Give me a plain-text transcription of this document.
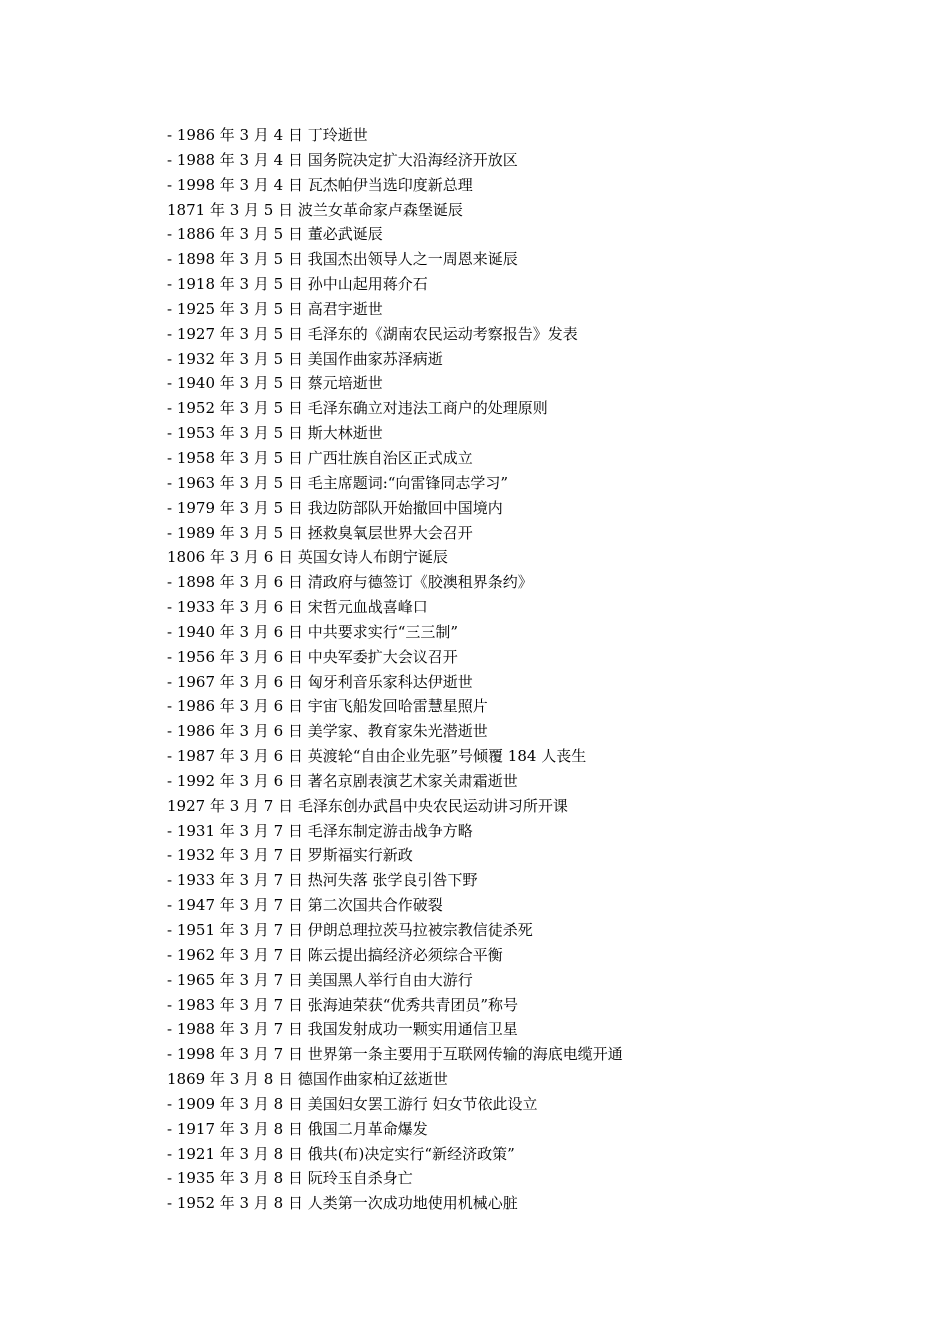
- 1986 年 3 月 4 日 丁玲逝世
- 1988 年 3 月 4 日 国务院决定扩大沿海经济开放区
- 1998 年 3 月 4 日 瓦杰帕伊当选印度新总理
1871 年 3 月 5 日 波兰女革命家卢森堡诞辰
- 1886 年 3 月 5 日 董必武诞辰
- 1898 年 3 月 5 日 我国杰出领导人之一周恩来诞辰
- 1918 年 3 月 5 日 孙中山起用蒋介石
- 1925 年 3 月 5 日 高君宇逝世
- 1927 年 3 月 5 日 毛泽东的《湖南农民运动考察报告》发表
- 1932 年 3 月 5 日 美国作曲家苏泽病逝
- 1940 年 3 月 5 日 蔡元培逝世
- 1952 年 3 月 5 日 毛泽东确立对违法工商户的处理原则
- 1953 年 3 月 5 日 斯大林逝世
- 1958 年 3 月 5 日 广西壮族自治区正式成立
- 1963 年 3 月 5 日 毛主席题词:“向雷锋同志学习”
- 1979 年 3 月 5 日 我边防部队开始撤回中国境内
- 1989 年 3 月 5 日 拯救臭氧层世界大会召开
1806 年 3 月 6 日 英国女诗人布朗宁诞辰
- 1898 年 3 月 6 日 清政府与德签订《胶澳租界条约》
- 1933 年 3 月 6 日 宋哲元血战喜峰口
- 1940 年 3 月 6 日 中共要求实行“三三制”
- 1956 年 3 月 6 日 中央军委扩大会议召开
- 1967 年 3 月 6 日 匈牙利音乐家科达伊逝世
- 1986 年 3 月 6 日 宇宙飞船发回哈雷慧星照片
- 1986 年 3 月 6 日 美学家、教育家朱光潜逝世
- 1987 年 3 月 6 日 英渡轮“自由企业先驱”号倾覆 184 人丧生
- 1992 年 3 月 6 日 著名京剧表演艺术家关肃霜逝世
1927 年 3 月 7 日 毛泽东创办武昌中央农民运动讲习所开课
- 1931 年 3 月 7 日 毛泽东制定游击战争方略
- 1932 年 3 月 7 日 罗斯福实行新政
- 1933 年 3 月 7 日 热河失落 张学良引咎下野
- 1947 年 3 月 7 日 第二次国共合作破裂
- 1951 年 3 月 7 日 伊朗总理拉茨马拉被宗教信徒杀死
- 1962 年 3 月 7 日 陈云提出搞经济必须综合平衡
- 1965 年 3 月 7 日 美国黑人举行自由大游行
- 1983 年 3 月 7 日 张海迪荣获“优秀共青团员”称号
- 1988 年 3 月 7 日 我国发射成功一颗实用通信卫星
- 1998 年 3 月 7 日 世界第一条主要用于互联网传输的海底电缆开通
1869 年 3 月 8 日 德国作曲家柏辽兹逝世
- 1909 年 3 月 8 日 美国妇女罢工游行 妇女节依此设立
- 1917 年 3 月 8 日 俄国二月革命爆发
- 1921 年 3 月 8 日 俄共(布)决定实行“新经济政策”
- 1935 年 3 月 8 日 阮玲玉自杀身亡
- 1952 年 3 月 8 日 人类第一次成功地使用机械心脏
